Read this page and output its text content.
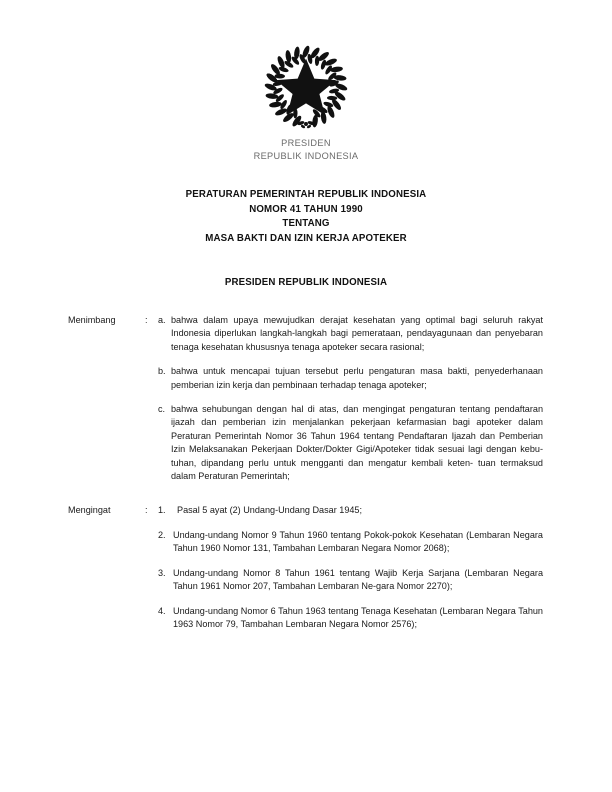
PRESIDEN
REPUBLIK INDONESIA
PERATURAN PEMERINTAH REPUBLIK INDONESIA
NOMOR 41 TAHUN 1990
TENTANG
MASA BAKTI DAN IZIN KERJA APOTEKER
PRESIDEN REPUBLIK INDONESIA
Menimbang	:	a. bahwa dalam upaya mewujudkan derajat kesehatan yang optimal bagi seluruh rakyat Indonesia diperlukan langkah-langkah bagi pemerataan, pendayagunaan dan penyebaran tenaga kesehatan khususnya tenaga apoteker secara rasional;
b. bahwa untuk mencapai tujuan tersebut perlu pengaturan masa bakti, penyederhanaan pemberian izin kerja dan pembinaan terhadap tenaga apoteker;
c. bahwa sehubungan dengan hal di atas, dan mengingat pengaturan tentang pendaftaran ijazah dan pemberian izin menjalankan pekerjaan kefarmasian bagi apoteker dalam Peraturan Pemerintah Nomor 36 Tahun 1964 tentang Pendaftaran Ijazah dan Pemberian Izin Melaksanakan Pekerjaan Dokter/Dokter Gigi/Apoteker tidak sesuai lagi dengan kebu- tuhan, dipandang perlu untuk mengganti dan mengatur kembali keten- tuan termaksud dalam Peraturan Pemerintah;
Mengingat	:	1.	Pasal 5 ayat (2) Undang-Undang Dasar 1945;
2. Undang-undang Nomor 9 Tahun 1960 tentang Pokok-pokok Kesehatan (Lembaran Negara Tahun 1960 Nomor 131, Tambahan Lembaran Negara Nomor 2068);
3. Undang-undang Nomor 8 Tahun 1961 tentang Wajib Kerja Sarjana (Lembaran Negara Tahun 1961 Nomor 207, Tambahan Lembaran Ne-gara Nomor 2270);
4. Undang-undang Nomor 6 Tahun 1963 tentang Tenaga Kesehatan (Lembaran Negara Tahun 1963 Nomor 79, Tambahan Lembaran Negara Nomor 2576);
